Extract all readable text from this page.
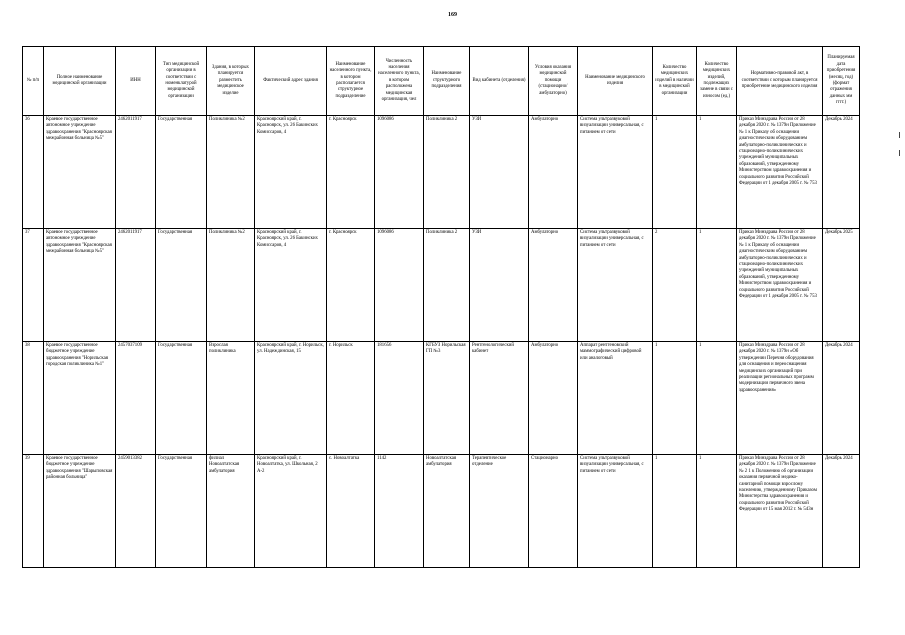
169
№ п/п	Полное наименование медицинской организации	ИНН	Тип медицинской организации в соответствии с номенклатурой медицинской организации	Здания, в которых планируется разместить медицинское изделие	Фактический адрес здания	Наименование населенного пункта, в котором располагается структурное подразделение	Численность населения населенного пункта, в котором расположена медицинская организация, чел	Наименование структурного подразделения	Вид кабинета (отделения)	Условия оказания медицинской помощи (стационарно/амбулаторно)	Наименование медицинского изделия	Количество медицинских изделий в наличии в медицинской организации	Количество медицинских изделий, подлежащих замене в связи с износом (ед.)	Нормативно-правовой акт, в соответствии с которым планируется приобретение медицинского изделия	Планируемая дата приобретения (месяц, год) (формат отражения данных мм гггг.)
36	Краевое государственное автономное учреждение здравоохранения "Красноярская межрайонная больница №5"	2462011917	Государственная	Поликлиника №2	Красноярский край, г. Красноярск, ул. 26 Бакинских Комиссаров, 4	г. Красноярск	1096086	Поликлиника 2	УЗИ	Амбулаторно	Система ультразвуковой визуализации универсальная, с питанием от сети	1	1	Приказ Минздрава России от 28 декабря 2020 г. № 1379н Приложение № 1 к Приказу об оснащении диагностическим оборудованием амбулаторно-поликлинических и стационарно-поликлинических учреждений муниципальных образований, утвержденному Министерством здравоохранения и социального развития Российской Федерации от 1 декабря 2005 г. № 753	Декабрь 2024
37	Краевое государственное автономное учреждение здравоохранения "Красноярская межрайонная больница №5"	2462011917	Государственная	Поликлиника №2	Красноярский край, г. Красноярск, ул. 26 Бакинских Комиссаров, 4	г. Красноярск	1096086	Поликлиника 2	УЗИ	Амбулаторно	Система ультразвуковой визуализации универсальная, с питанием от сети	2	1	Приказ Минздрава России от 28 декабря 2020 г. № 1379н Приложение № 1 к Приказу об оснащении диагностическим оборудованием амбулаторно-поликлинических и стационарно-поликлинических учреждений муниципальных образований, утвержденному Министерством здравоохранения и социального развития Российской Федерации от 1 декабря 2005 г. № 753	Декабрь 2025
38	Краевое государственное бюджетное учреждение здравоохранения "Норильская городская поликлиника №1"	2457037109	Государственная	Взрослая поликлиника	Красноярский край, г. Норильск, ул. Надеждинская, 15	г. Норильск	181656	КГБУЗ Норильская ГП №3	Рентгенологический кабинет	Амбулаторно	Аппарат рентгеновский маммографический цифровой или аналоговый	1	1	Приказ Минздрава России от 28 декабря 2020 г. № 1379н «Об утверждении Перечня оборудования для оснащения и переоснащения медицинских организаций при реализации региональных программ модернизации первичного звена здравоохранения»	Декабрь 2024
39	Краевое государственное бюджетное учреждение здравоохранения "Шарыповская районная больница"	2459013382	Государственная	филиал Новоалтатская амбулатория	Красноярский край, г. Новоалтатка, ул. Школьная, 2 А-2	с. Новоалтатка	1142	Новоалтатская амбулатория	Терапевтическое отделение	Стационарно	Система ультразвуковой визуализации универсальная, с питанием от сети	1	1	Приказ Минздрава России от 28 декабря 2020 г. № 1379н Приложение № 2 1 к Положению об организации оказания первичной медико-санитарной помощи взрослому населению, утвержденному Приказом Министерства здравоохранения и социального развития Российской Федерации от 15 мая 2012 г. № 543н	Декабрь 2024
